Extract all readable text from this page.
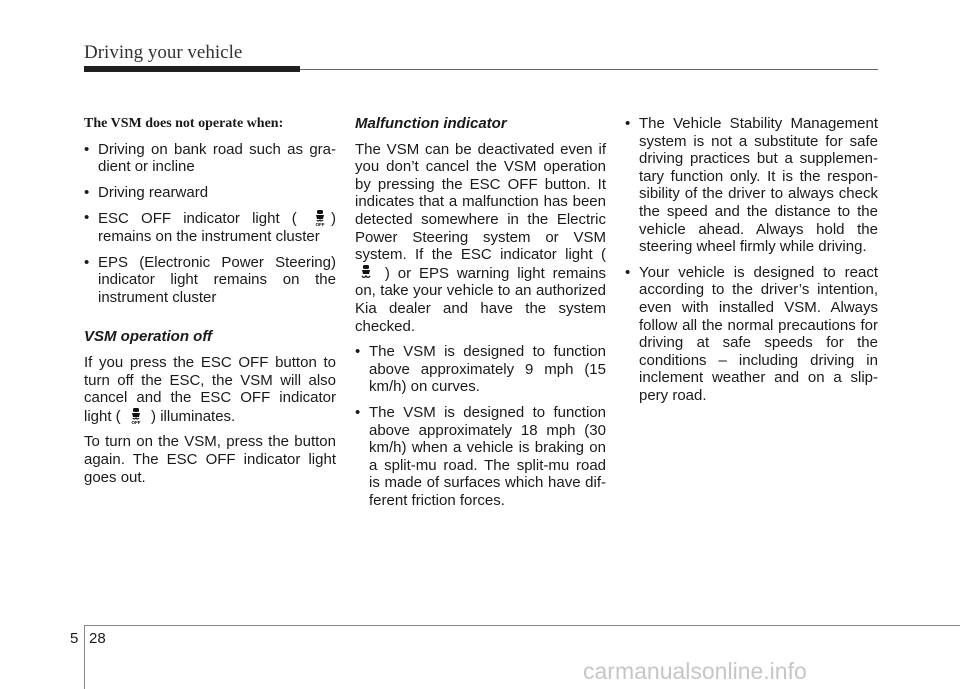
Driving your vehicle
The VSM does not operate when:
• Driving on bank road such as gra-dient or incline
• Driving rearward
• ESC OFF indicator light (	OFF ) remains on the instrument cluster
• EPS (Electronic Power Steering) indicator light remains on the instrument cluster
VSM operation off

If you press the ESC OFF button to turn off the ESC, the VSM will also cancel and the ESC OFF indicator light ( OFF ) illuminates.

To turn on the VSM, press the button again. The ESC OFF indicator light goes out.

Malfunction indicator

The VSM can be deactivated even if you don’t cancel the VSM operation by pressing the ESC OFF button. It indicates that a malfunction has been detected somewhere in the Electric Power Steering system or VSM system. If the ESC indicator light (  ) or EPS warning light remains on, take your vehicle to an authorized Kia dealer and have the system checked.

• The VSM is designed to function above approximately 9 mph (15 km/h) on curves.
• The VSM is designed to function above approximately 18 mph (30 km/h) when a vehicle is braking on a split-mu road. The split-mu road is made of surfaces which have dif-ferent friction forces.
• The Vehicle Stability Management system is not a substitute for safe driving practices but a supplemen-tary function only. It is the respon-sibility of the driver to always check the speed and the distance to the vehicle ahead. Always hold the steering wheel firmly while driving.
• Your vehicle is designed to react according to the driver’s intention, even with installed VSM. Always follow all the normal precautions for driving at safe speeds for the conditions – including driving in inclement weather and on a slip-pery road.
5 28
carmanualsonline.info
